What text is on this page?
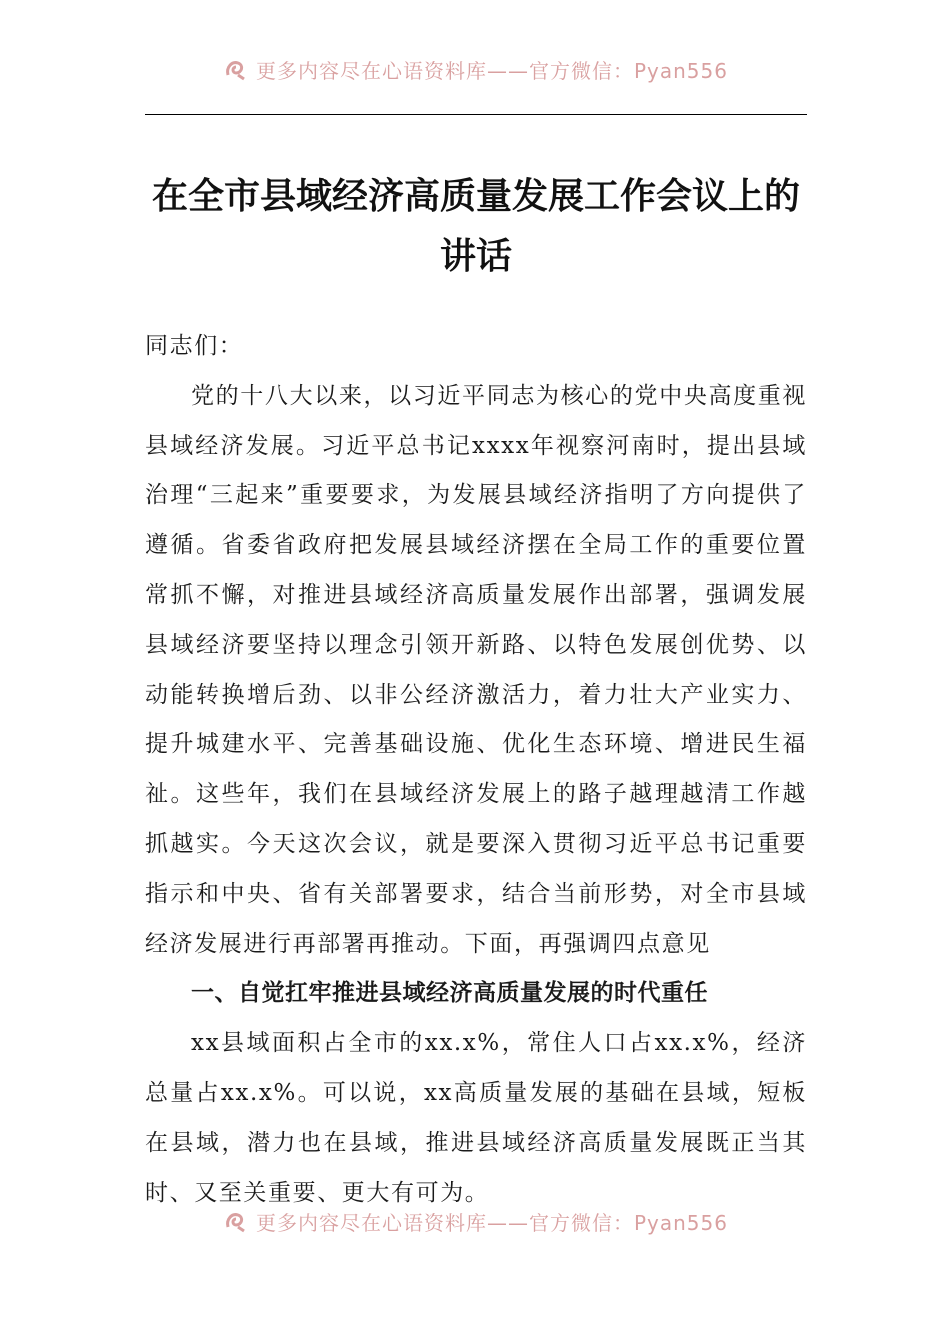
更多内容尽在心语资料库——官方微信：Pyan556
在全市县域经济高质量发展工作会议上的讲话

同志们：

党的十八大以来，以习近平同志为核心的党中央高度重视县域经济发展。习近平总书记xxxx年视察河南时，提出县域治理“三起来”重要要求，为发展县域经济指明了方向提供了遵循。省委省政府把发展县域经济摆在全局工作的重要位置常抓不懈，对推进县域经济高质量发展作出部署，强调发展县域经济要坚持以理念引领开新路、以特色发展创优势、以动能转换增后劲、以非公经济激活力，着力壮大产业实力、提升城建水平、完善基础设施、优化生态环境、增进民生福祉。这些年，我们在县域经济发展上的路子越理越清工作越抓越实。今天这次会议，就是要深入贯彻习近平总书记重要指示和中央、省有关部署要求，结合当前形势，对全市县域经济发展进行再部署再推动。下面，再强调四点意见

一、自觉扛牢推进县域经济高质量发展的时代重任

xx县域面积占全市的xx.x%，常住人口占xx.x%，经济总量占xx.x%。可以说，xx高质量发展的基础在县域，短板在县域，潜力也在县域，推进县域经济高质量发展既正当其时、又至关重要、更大有可为。

更多内容尽在心语资料库——官方微信：Pyan556
